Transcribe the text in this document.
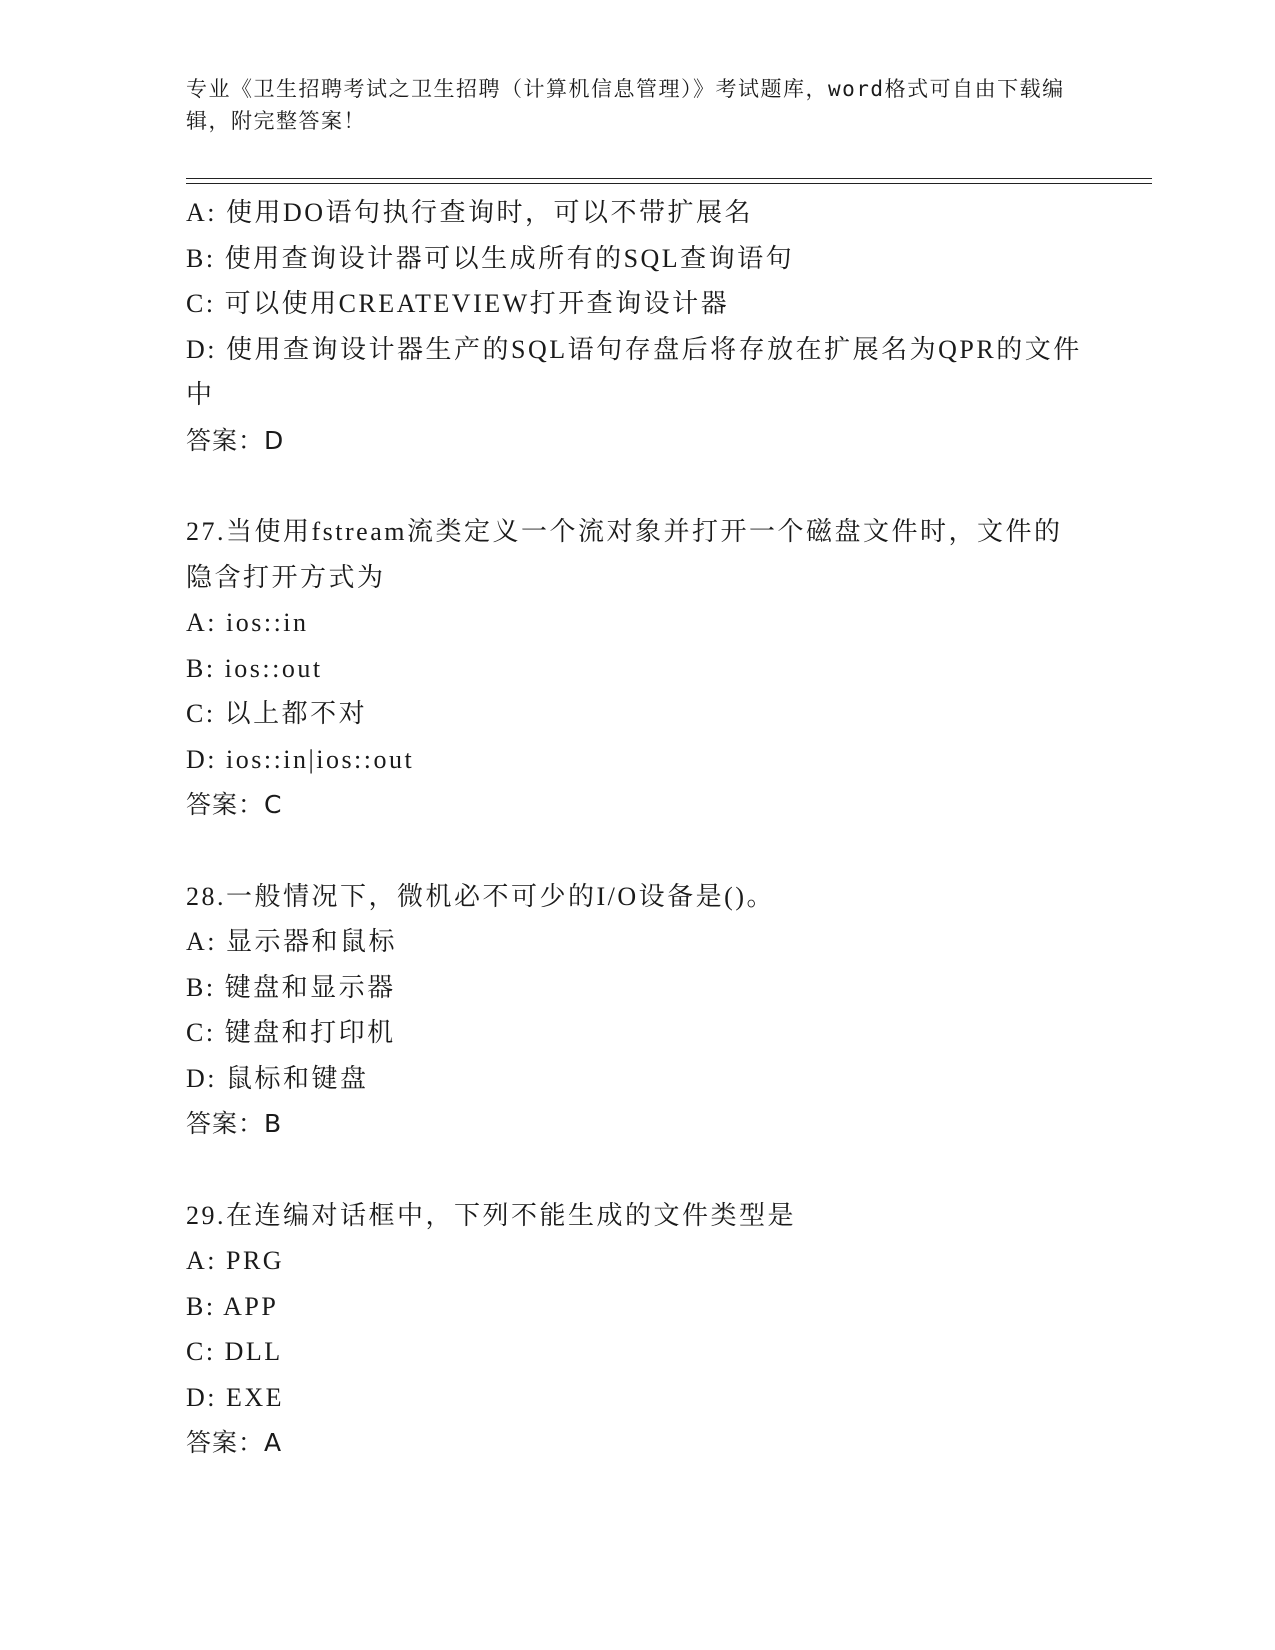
专业《卫生招聘考试之卫生招聘（计算机信息管理）》考试题库，word格式可自由下载编辑，附完整答案！
A: 使用DO语句执行查询时，可以不带扩展名
B: 使用查询设计器可以生成所有的SQL查询语句
C: 可以使用CREATEVIEW打开查询设计器
D: 使用查询设计器生产的SQL语句存盘后将存放在扩展名为QPR的文件中
答案：D
27.当使用fstream流类定义一个流对象并打开一个磁盘文件时，文件的隐含打开方式为
A: ios::in
B: ios::out
C: 以上都不对
D: ios::in|ios::out
答案：C
28.一般情况下，微机必不可少的I/O设备是()。
A: 显示器和鼠标
B: 键盘和显示器
C: 键盘和打印机
D: 鼠标和键盘
答案：B
29.在连编对话框中，下列不能生成的文件类型是
A: PRG
B: APP
C: DLL
D: EXE
答案：A
